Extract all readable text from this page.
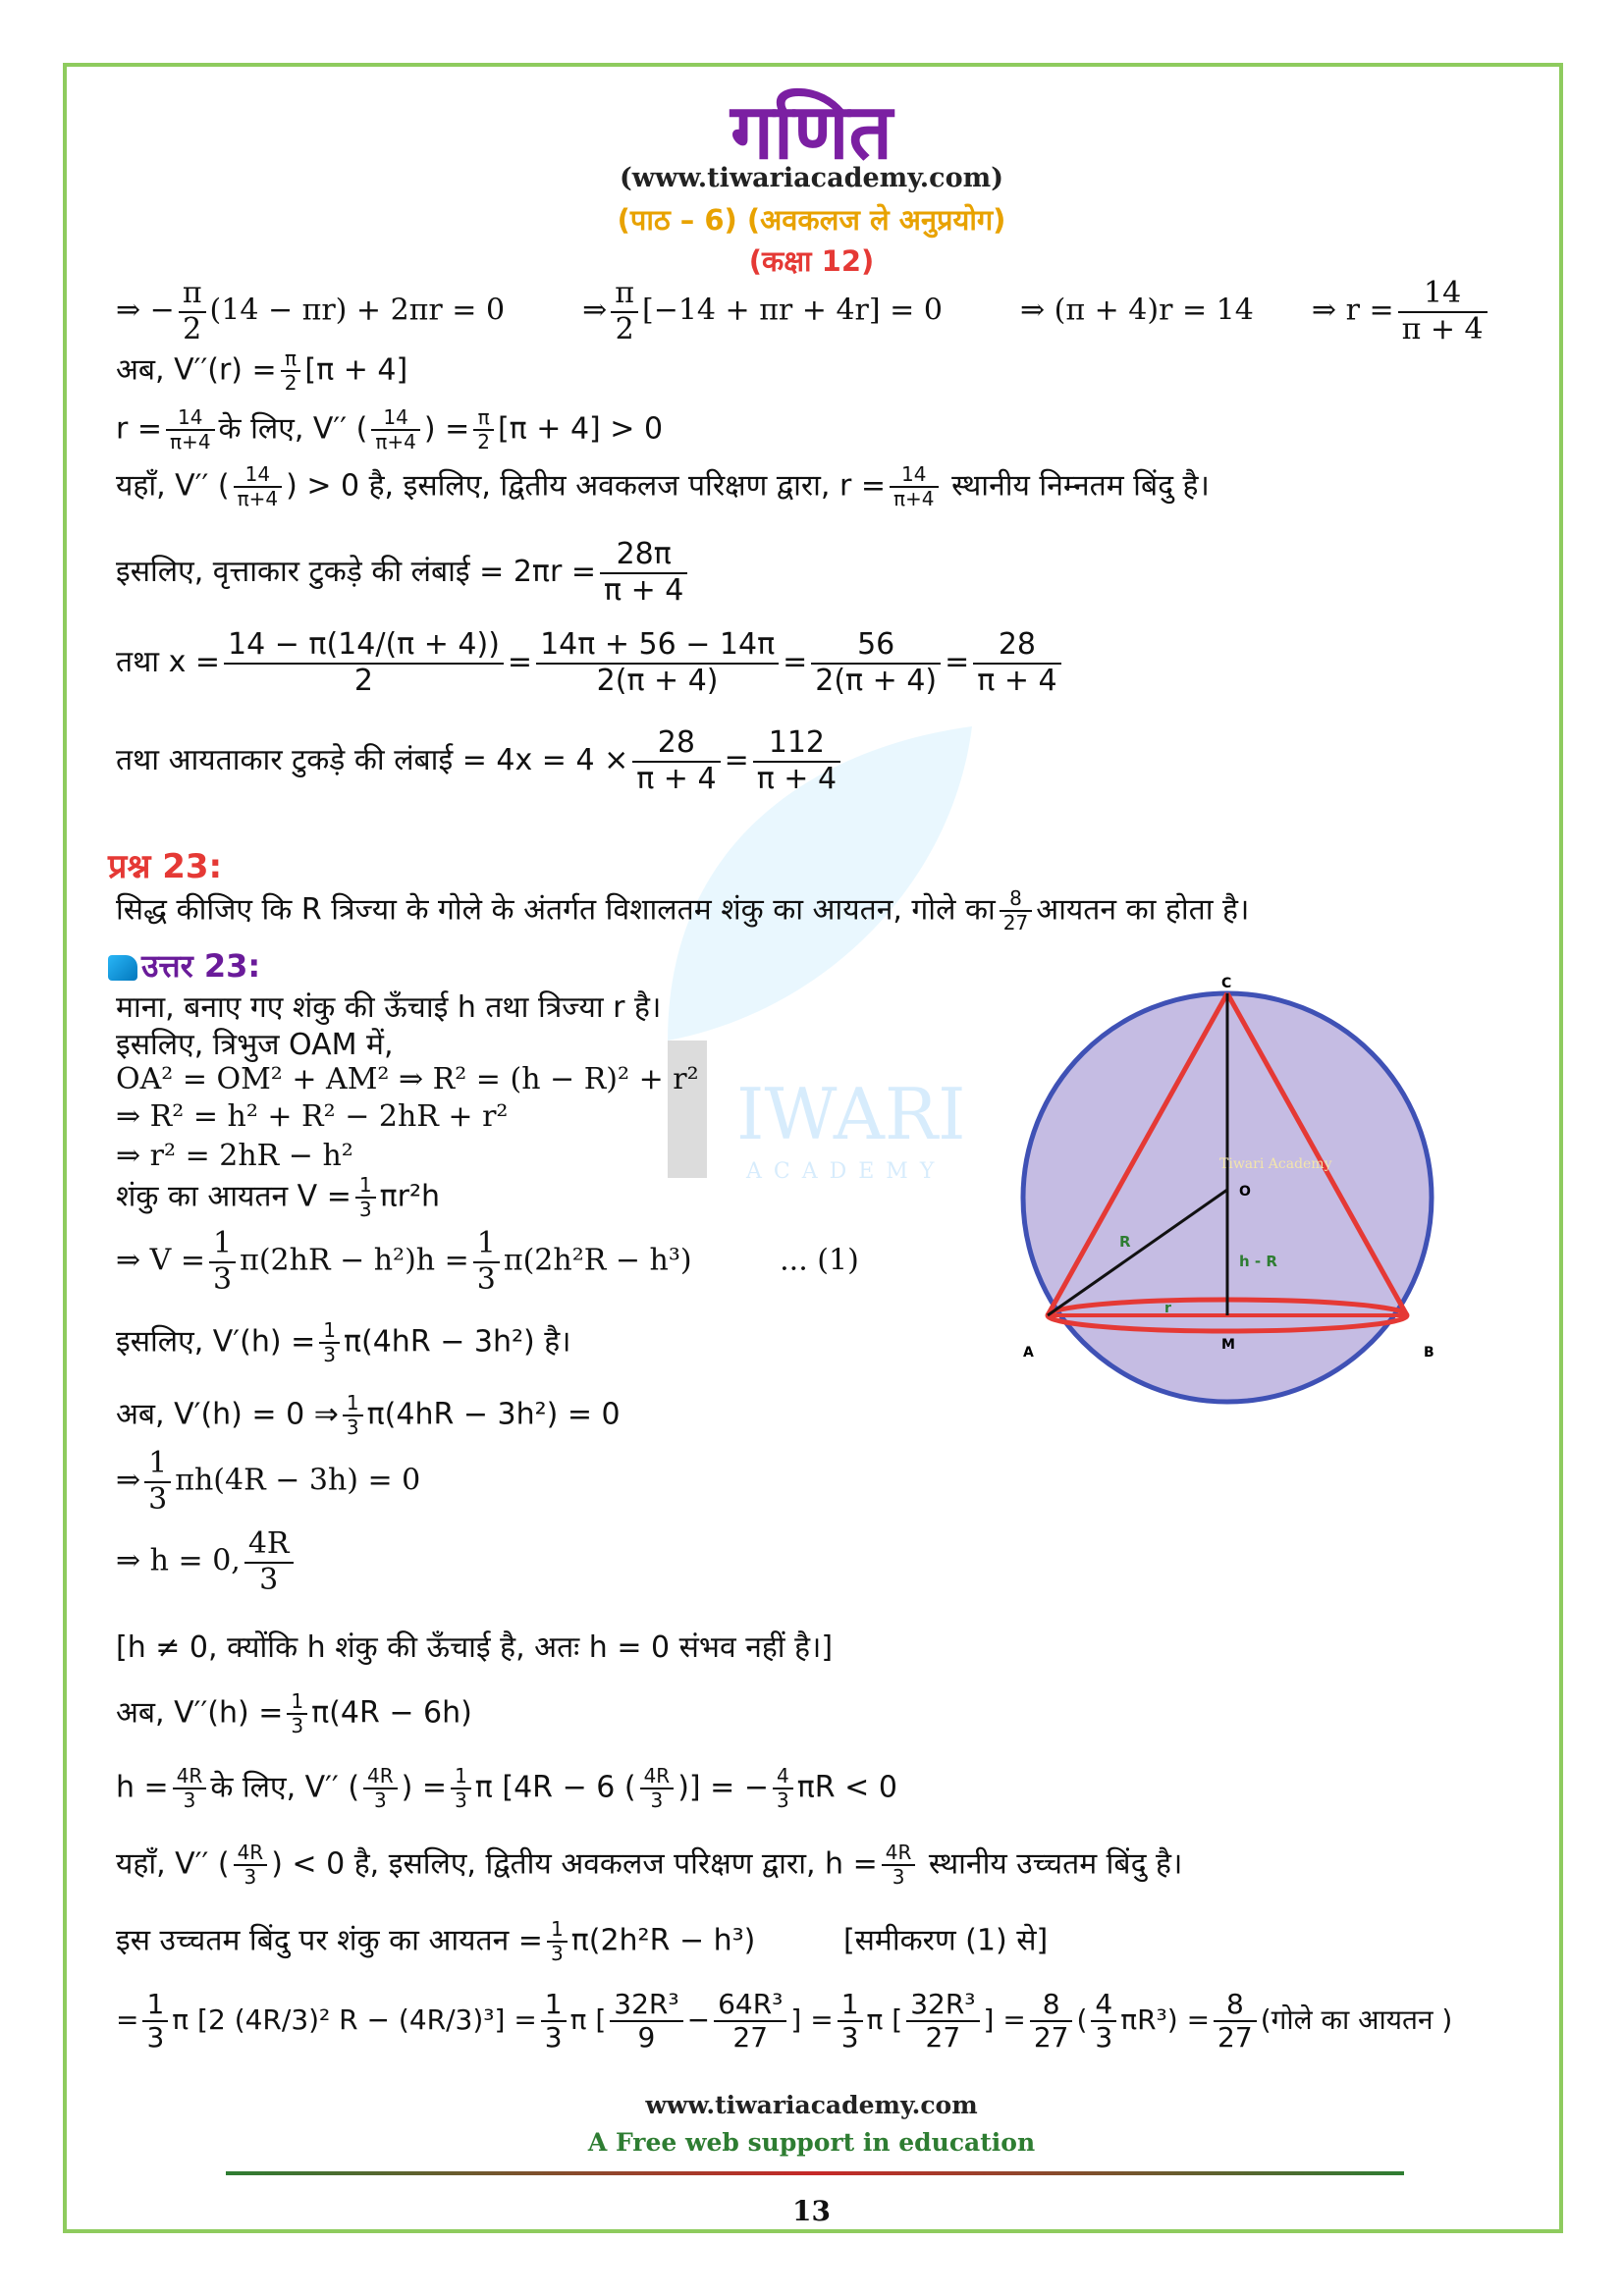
गणित
(www.tiwariacademy.com)
(पाठ – 6) (अवकलज ले अनुप्रयोग)
(कक्षा 12)
IWARI
ACADEMY
⇒ − $\frac{\pi}{2} (14 - \pi r) + 2\pi r = 0$	⇒ $\frac{\pi}{2} [-14 + \pi r + 4r] = 0$	⇒ (π + 4)r = 14 ⇒ $r = \frac{14}{\pi + 4}$
अब, $V''(r) = \frac{\pi}{2} [\pi + 4]$
$r = \frac{14}{\pi+4}$ के लिए, V′′ ( $\frac{14}{\pi+4}$ ) = $\frac{\pi}{2} [\pi + 4] > 0$
यहाँ, V′′ ( $\frac{14}{\pi+4}$ ) > 0 है, इसलिए, द्वितीय अवकलज परिक्षण द्वारा, $r = \frac{14}{\pi+4}$ स्थानीय निम्नतम बिंदु है।
इसलिए, वृत्ताकार टुकड़े की लंबाई = $2\pi r = \frac{28\pi}{\pi + 4}$
तथा $x = \frac{14 - \pi(14/(\pi + 4))}{2} = \frac{14\pi + 56 - 14\pi}{2(\pi + 4)} = \frac{56}{2(\pi + 4)} = \frac{28}{\pi + 4}$
तथा आयताकार टुकड़े की लंबाई = $4x = 4 \times \frac{28}{\pi + 4} = \frac{112}{\pi + 4}$
प्रश्न 23:
सिद्ध कीजिए कि R त्रिज्या के गोले के अंतर्गत विशालतम शंकु का आयतन, गोले का $\frac{8}{27}$ आयतन का होता है।
उत्तर 23:
माना, बनाए गए शंकु की ऊँचाई h तथा त्रिज्या r है।
इसलिए, त्रिभुज OAM में,
OA² = OM² + AM² ⇒ R² = (h − R)² + r²
⇒ R² = h² + R² − 2hR + r²
⇒ r² = 2hR − h²
शंकु का आयतन $V = \frac{1}{3} \pi r^2h$
⇒ $V = \frac{1}{3} \pi(2hR - h^2)h = \frac{1}{3} \pi(2h^2R - h^3)$	... (1)
इसलिए, $V'(h) = \frac{1}{3} \pi(4hR - 3h^2)$ है।
अब, V′(h) = 0 ⇒ $\frac{1}{3} \pi(4hR - 3h^2) = 0$
⇒ $\frac{1}{3} \pi h(4R - 3h) = 0$
⇒ h = 0, $\frac{4R}{3}$
[h ≠ 0, क्योंकि h शंकु की ऊँचाई है, अतः h = 0 संभव नहीं है।]
अब, $V''(h) = \frac{1}{3} \pi(4R - 6h)$
$h = \frac{4R}{3}$ के लिए, V′′ ( $\frac{4R}{3}$ ) = $\frac{1}{3}$ π [4R − 6 ( $\frac{4R}{3}$ )] = − $\frac{4}{3}$ πR < 0
यहाँ, V′′ ( $\frac{4R}{3}$ ) < 0 है, इसलिए, द्वितीय अवकलज परिक्षण द्वारा, $h = \frac{4R}{3}$ स्थानीय उच्चतम बिंदु है।
इस उच्चतम बिंदु पर शंकु का आयतन = $\frac{1}{3} \pi(2h^2R - h^3)$	[समीकरण (1) से]
= $\frac{1}{3}$ π [2 (4R/3)² $R - (4R/3)^3] = \frac{1}{3}$ π [ $\frac{\text{32R³}}{9} - \frac{\text{64R³}}{27}$ ] = $\frac{1}{3}$ π [ $\frac{\text{32R³}}{27}$ ] = $\frac{8}{27}$ ( $\frac{4}{3} \pi R^3) = \frac{8}{27}$ (गोले का आयतन )
C
O
Tiwari Academy
R
h - R
r
A	M	B
www.tiwariacademy.com
A Free web support in education
13
